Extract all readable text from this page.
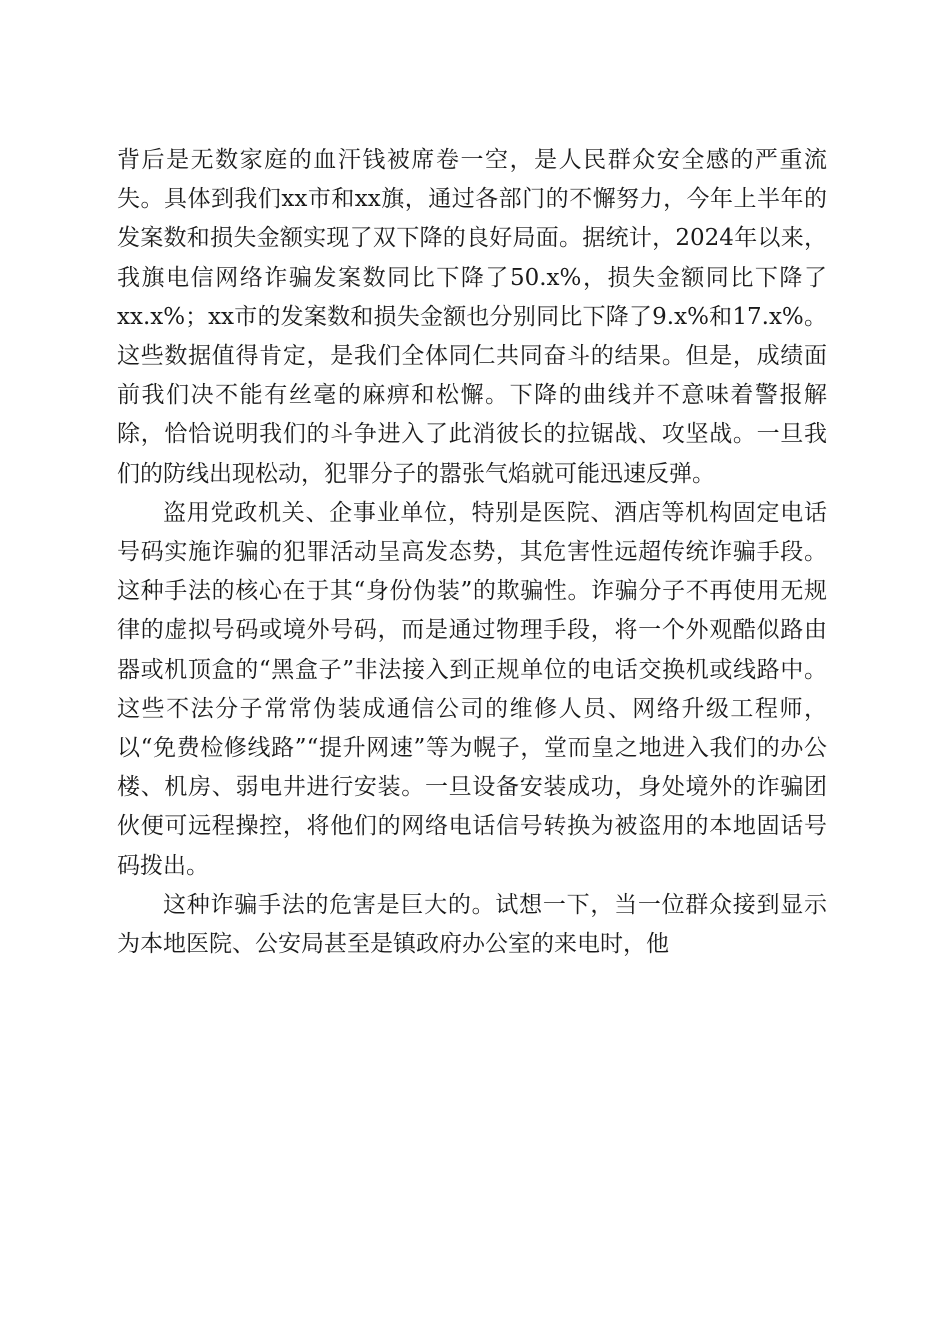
背后是无数家庭的血汗钱被席卷一空，是人民群众安全感的严重流失。具体到我们xx市和xx旗，通过各部门的不懈努力，今年上半年的发案数和损失金额实现了双下降的良好局面。据统计，2024年以来，我旗电信网络诈骗发案数同比下降了50.x%，损失金额同比下降了xx.x%；xx市的发案数和损失金额也分别同比下降了9.x%和17.x%。这些数据值得肯定，是我们全体同仁共同奋斗的结果。但是，成绩面前我们决不能有丝毫的麻痹和松懈。下降的曲线并不意味着警报解除，恰恰说明我们的斗争进入了此消彼长的拉锯战、攻坚战。一旦我们的防线出现松动，犯罪分子的嚣张气焰就可能迅速反弹。

盗用党政机关、企事业单位，特别是医院、酒店等机构固定电话号码实施诈骗的犯罪活动呈高发态势，其危害性远超传统诈骗手段。这种手法的核心在于其“身份伪装”的欺骗性。诈骗分子不再使用无规律的虚拟号码或境外号码，而是通过物理手段，将一个外观酷似路由器或机顶盒的“黑盒子”非法接入到正规单位的电话交换机或线路中。这些不法分子常常伪装成通信公司的维修人员、网络升级工程师，以“免费检修线路”“提升网速”等为幌子，堂而皇之地进入我们的办公楼、机房、弱电井进行安装。一旦设备安装成功，身处境外的诈骗团伙便可远程操控，将他们的网络电话信号转换为被盗用的本地固话号码拨出。

这种诈骗手法的危害是巨大的。试想一下，当一位群众接到显示为本地医院、公安局甚至是镇政府办公室的来电时，他
